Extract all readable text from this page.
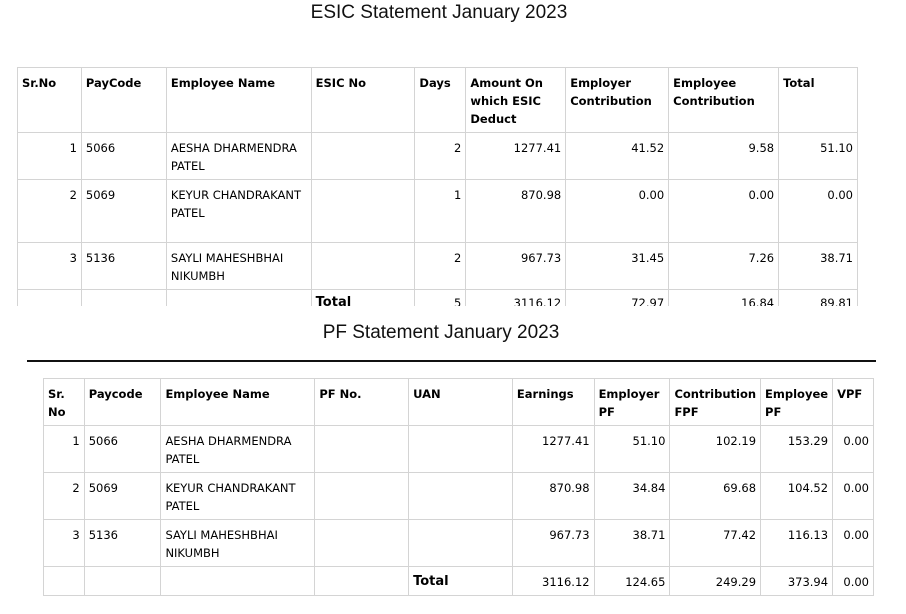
ESIC Statement January 2023
Sr.No	PayCode	Employee Name	ESIC No	Days	Amount On which ESIC Deduct	Employer Contribution	Employee Contribution	Total
1	5066	AESHA DHARMENDRA PATEL		2	1277.41	41.52	9.58	51.10
2	5069	KEYUR CHANDRAKANT PATEL		1	870.98	0.00	0.00	0.00
3	5136	SAYLI MAHESHBHAI NIKUMBH		2	967.73	31.45	7.26	38.71
			Total	5	3116.12	72.97	16.84	89.81
PF Statement January 2023
Sr. No	Paycode	Employee Name	PF No.	UAN	Earnings	Employer PF	Contribution FPF	Employee PF	VPF
1	5066	AESHA DHARMENDRA PATEL			1277.41	51.10	102.19	153.29	0.00
2	5069	KEYUR CHANDRAKANT PATEL			870.98	34.84	69.68	104.52	0.00
3	5136	SAYLI MAHESHBHAI NIKUMBH			967.73	38.71	77.42	116.13	0.00
				Total	3116.12	124.65	249.29	373.94	0.00
